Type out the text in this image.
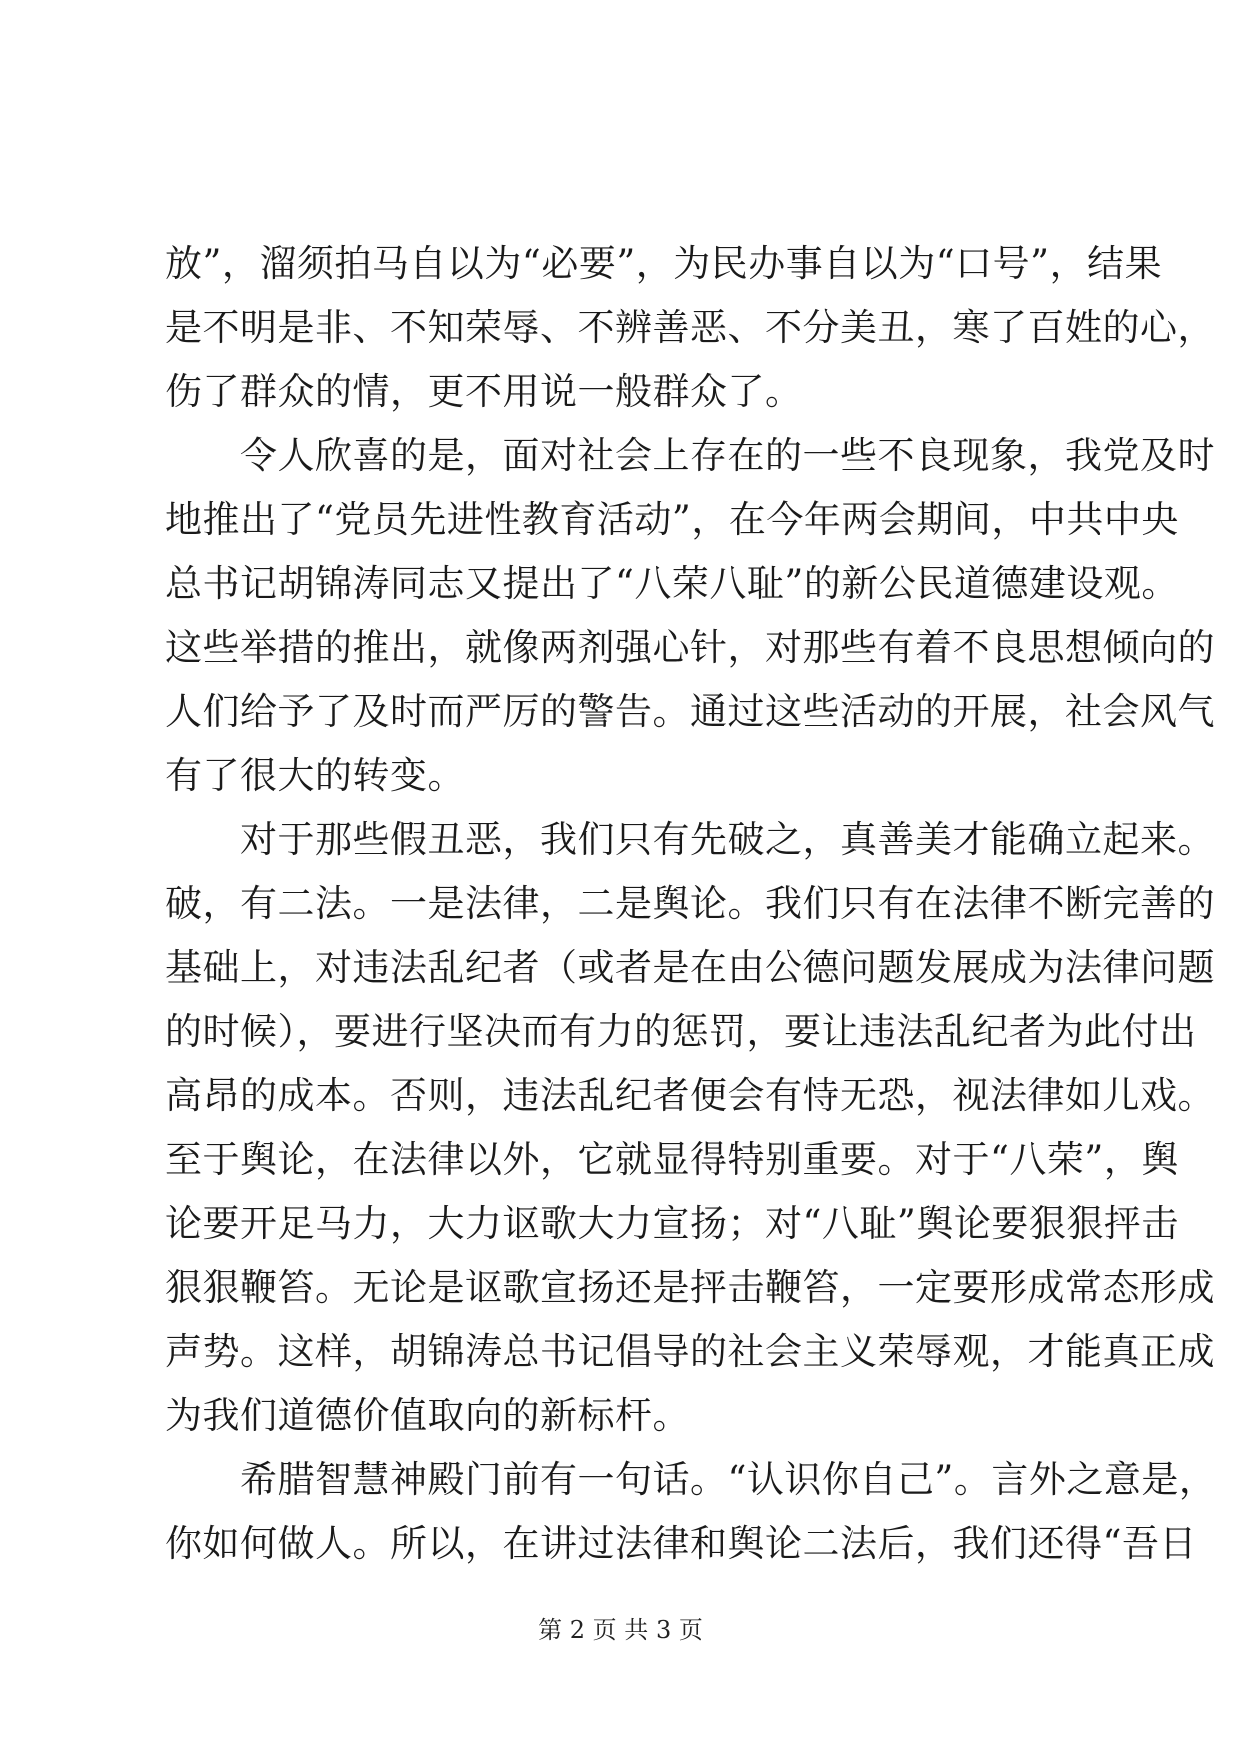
放”，溜须拍马自以为“必要”，为民办事自以为“口号”，结果
是不明是非、不知荣辱、不辨善恶、不分美丑，寒了百姓的心，
伤了群众的情，更不用说一般群众了。
　　令人欣喜的是，面对社会上存在的一些不良现象，我党及时
地推出了“党员先进性教育活动”，在今年两会期间，中共中央
总书记胡锦涛同志又提出了“八荣八耻”的新公民道德建设观。
这些举措的推出，就像两剂强心针，对那些有着不良思想倾向的
人们给予了及时而严厉的警告。通过这些活动的开展，社会风气
有了很大的转变。
　　对于那些假丑恶，我们只有先破之，真善美才能确立起来。
破，有二法。一是法律，二是舆论。我们只有在法律不断完善的
基础上，对违法乱纪者（或者是在由公德问题发展成为法律问题
的时候），要进行坚决而有力的惩罚，要让违法乱纪者为此付出
高昂的成本。否则，违法乱纪者便会有恃无恐，视法律如儿戏。
至于舆论，在法律以外，它就显得特别重要。对于“八荣”，舆
论要开足马力，大力讴歌大力宣扬；对“八耻”舆论要狠狠抨击
狠狠鞭笞。无论是讴歌宣扬还是抨击鞭笞，一定要形成常态形成
声势。这样，胡锦涛总书记倡导的社会主义荣辱观，才能真正成
为我们道德价值取向的新标杆。
　　希腊智慧神殿门前有一句话。“认识你自己”。言外之意是，
你如何做人。所以，在讲过法律和舆论二法后，我们还得“吾日
第 2 页 共 3 页
